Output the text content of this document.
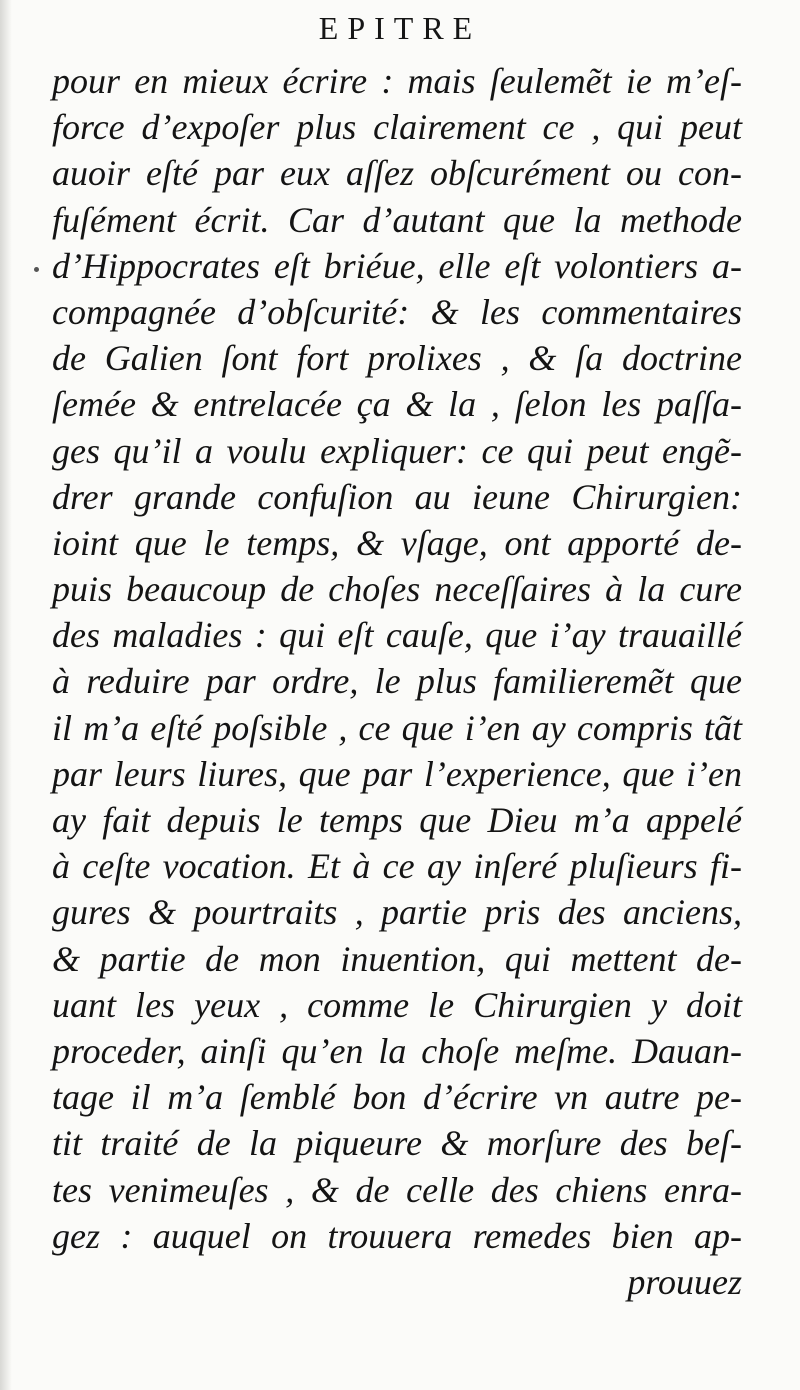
EPITRE
pour en mieux écrire : mais ſeulemẽt ie m’eſ-
force d’expoſer plus clairement ce , qui peut
auoir eſté par eux aſſez obſcurément ou con-
fuſément écrit. Car d’autant que la methode
d’Hippocrates eſt briéue, elle eſt volontiers a-
compagnée d’obſcurité: & les commentaires
de Galien ſont fort prolixes , & ſa doctrine
ſemée & entrelacée ça & la , ſelon les paſſa-
ges qu’il a voulu expliquer: ce qui peut engẽ-
drer grande confuſion au ieune Chirurgien:
ioint que le temps, & vſage, ont apporté de-
puis beaucoup de choſes neceſſaires à la cure
des maladies : qui eſt cauſe, que i’ay trauaillé
à reduire par ordre, le plus familieremẽt que
il m’a eſté poſsible , ce que i’en ay compris tãt
par leurs liures, que par l’experience, que i’en
ay fait depuis le temps que Dieu m’a appelé
à ceſte vocation. Et à ce ay inſeré pluſieurs fi-
gures & pourtraits , partie pris des anciens,
& partie de mon inuention, qui mettent de-
uant les yeux , comme le Chirurgien y doit
proceder, ainſi qu’en la choſe meſme. Dauan-
tage il m’a ſemblé bon d’écrire vn autre pe-
tit traité de la piqueure & morſure des beſ-
tes venimeuſes , & de celle des chiens enra-
gez : auquel on trouuera remedes bien ap-
prouuez
